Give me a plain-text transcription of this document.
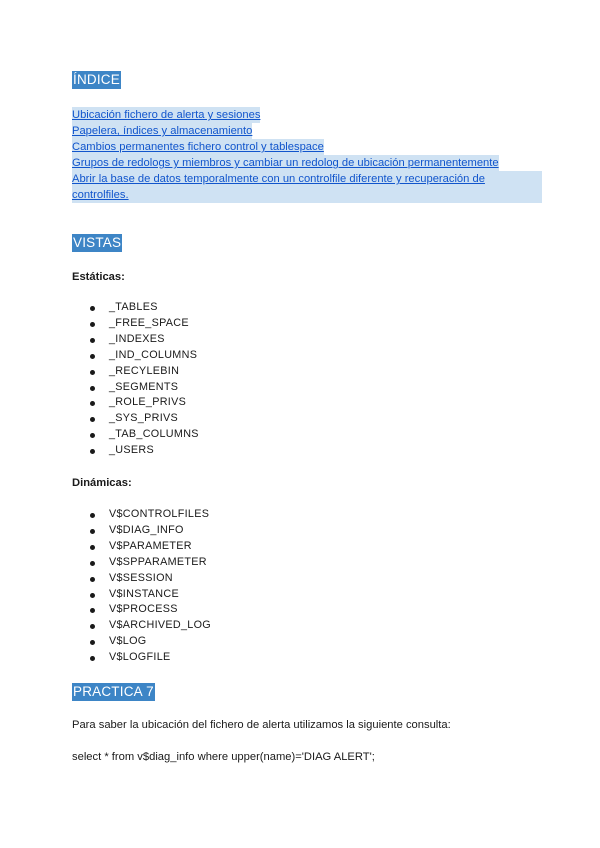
ÍNDICE
Ubicación fichero de alerta y sesiones
Papelera, índices y almacenamiento
Cambios permanentes fichero control y tablespace
Grupos de redologs y miembros y cambiar un redolog de ubicación permanentemente
Abrir la base de datos temporalmente con un controlfile diferente y recuperación de controlfiles.
VISTAS
Estáticas:
_TABLES
_FREE_SPACE
_INDEXES
_IND_COLUMNS
_RECYLEBIN
_SEGMENTS
_ROLE_PRIVS
_SYS_PRIVS
_TAB_COLUMNS
_USERS
Dinámicas:
V$CONTROLFILES
V$DIAG_INFO
V$PARAMETER
V$SPPARAMETER
V$SESSION
V$INSTANCE
V$PROCESS
V$ARCHIVED_LOG
V$LOG
V$LOGFILE
PRACTICA 7
Para saber la ubicación del fichero de alerta utilizamos la siguiente consulta:
select * from v$diag_info where upper(name)='DIAG ALERT';
